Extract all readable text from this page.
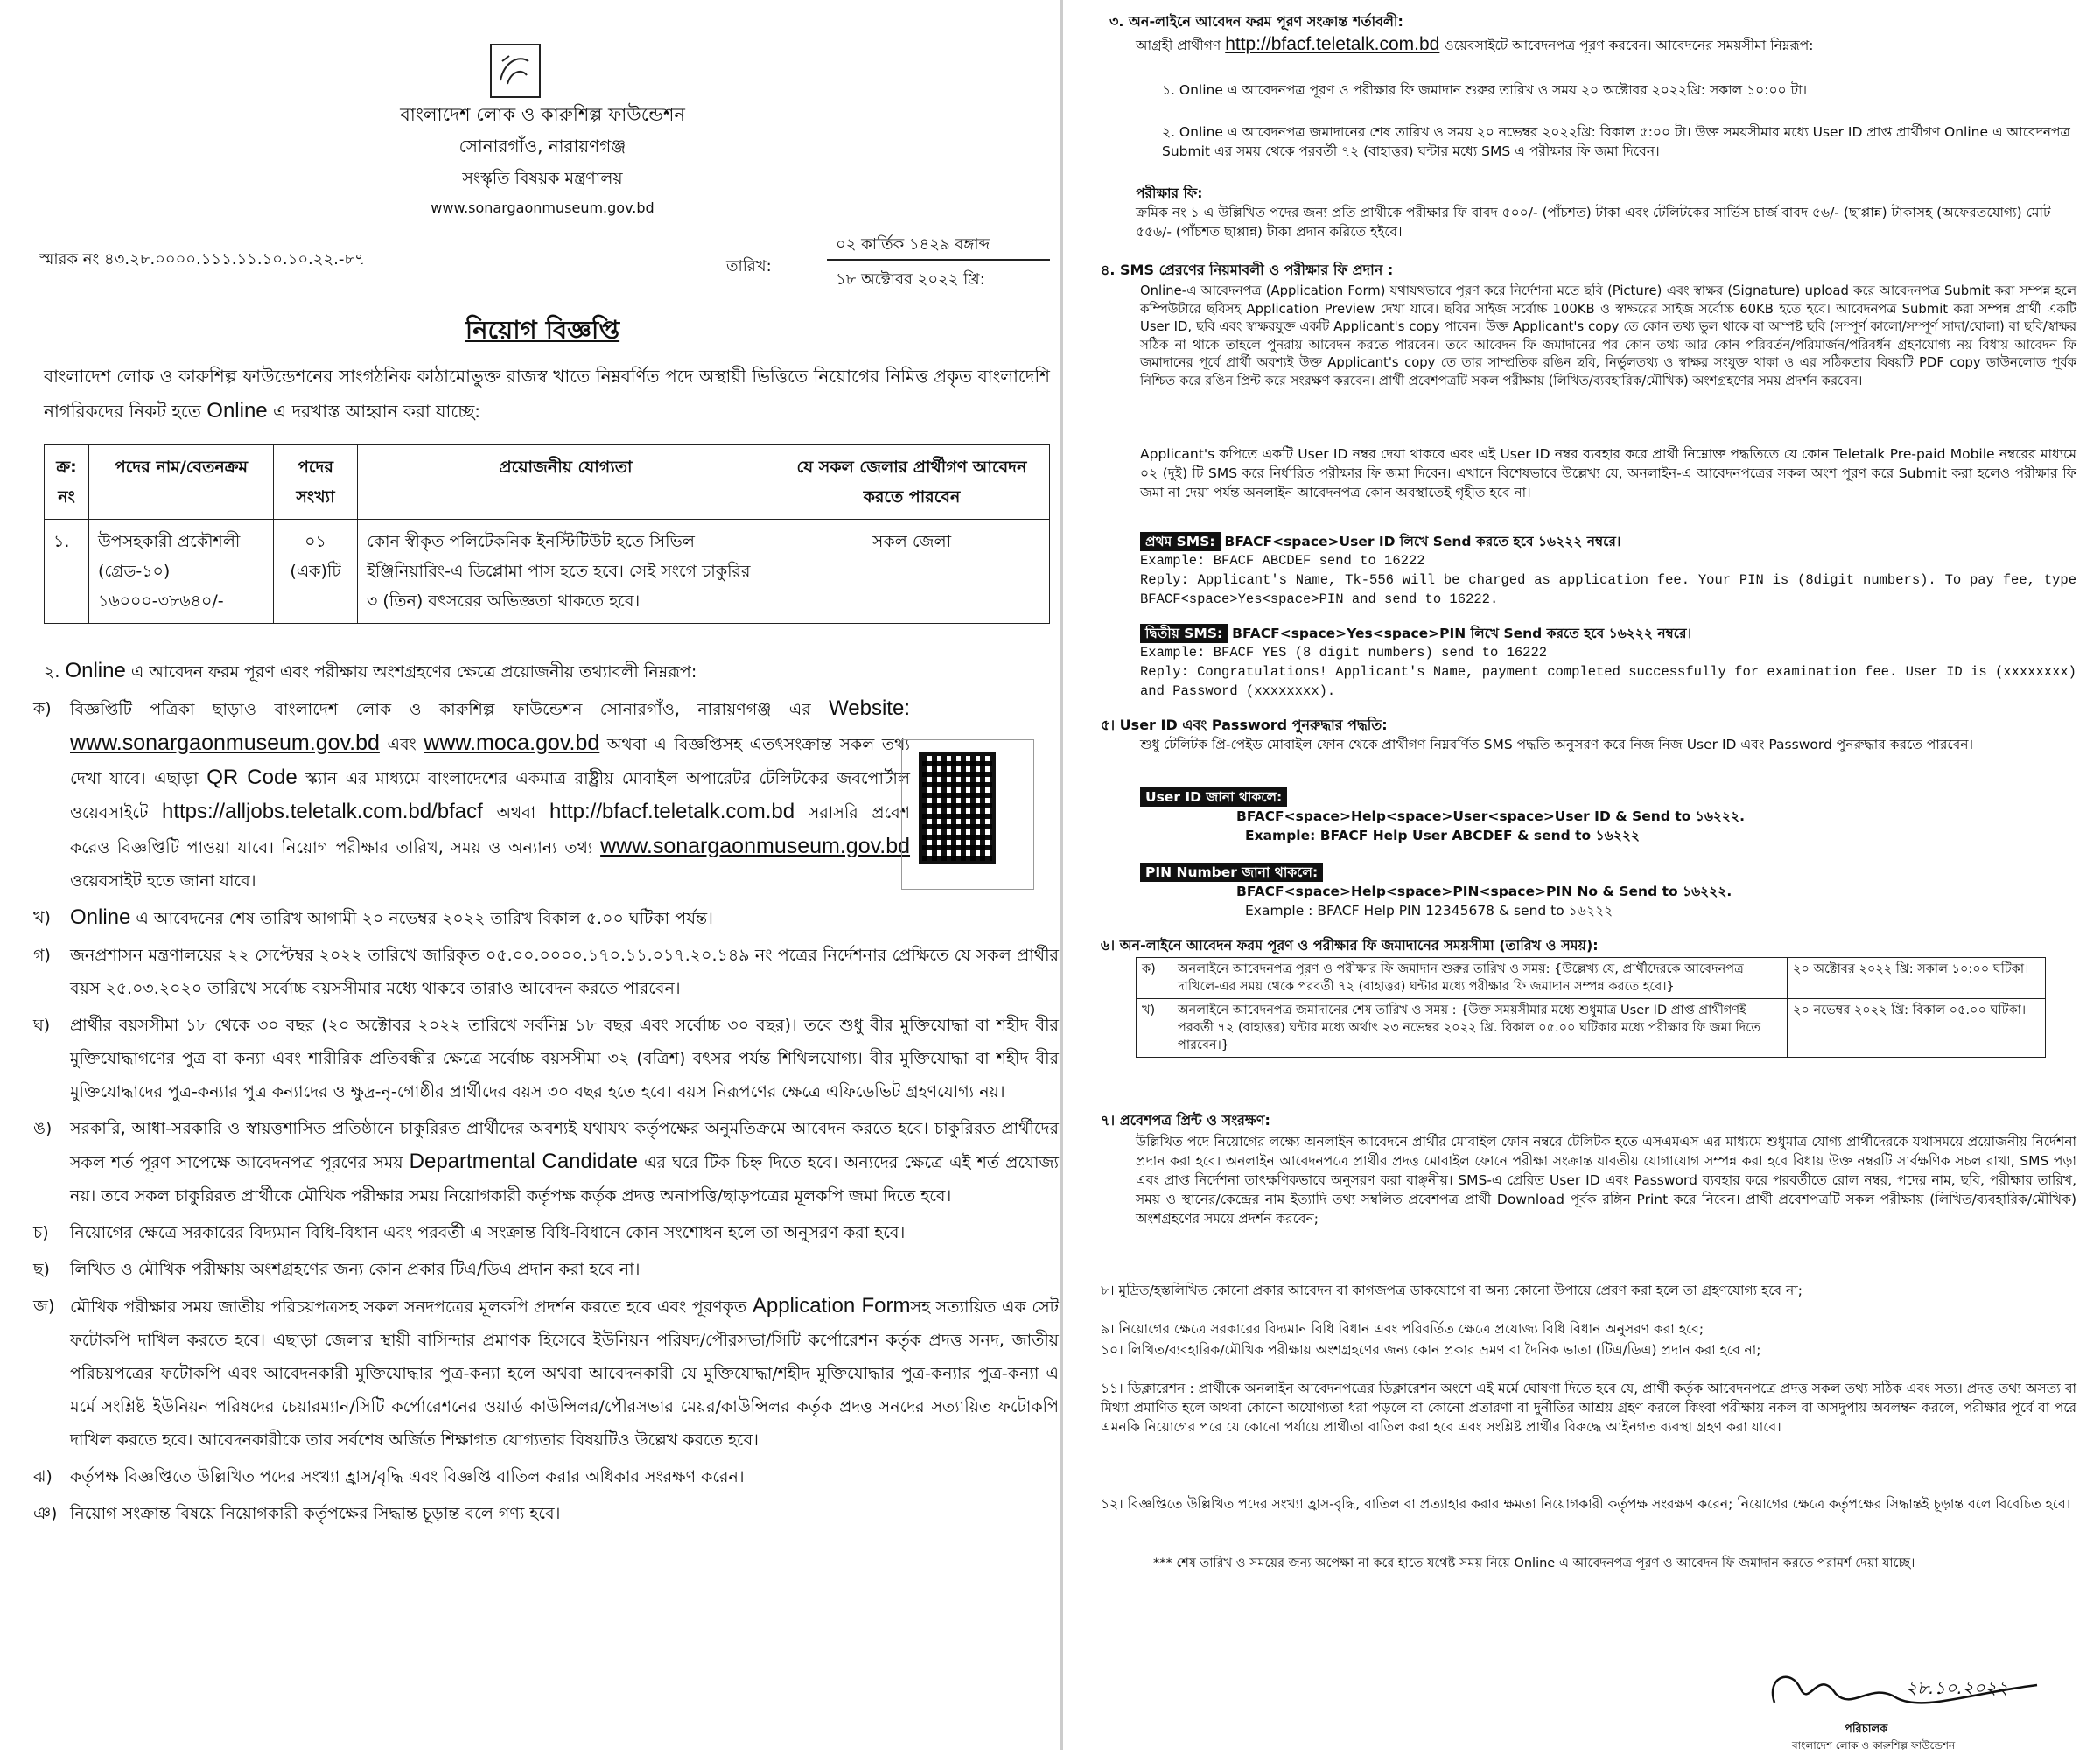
বাংলাদেশ লোক ও কারুশিল্প ফাউন্ডেশন
সোনারগাঁও, নারায়ণগঞ্জ
সংস্কৃতি বিষয়ক মন্ত্রণালয়
www.sonargaonmuseum.gov.bd
স্মারক নং ৪৩.২৮.০০০০.১১১.১১.১০.১০.২২.-৮৭	তারিখ:
০২ কার্তিক ১৪২৯ বঙ্গাব্দ
১৮ অক্টোবর ২০২২ খ্রি:
নিয়োগ বিজ্ঞপ্তি
বাংলাদেশ লোক ও কারুশিল্প ফাউন্ডেশনের সাংগঠনিক কাঠামোভুক্ত রাজস্ব খাতে নিম্নবর্ণিত পদে অস্থায়ী ভিত্তিতে নিয়োগের নিমিত্ত প্রকৃত বাংলাদেশি নাগরিকদের নিকট হতে Online এ দরখাস্ত আহ্বান করা যাচ্ছে:
ক্র: নং	পদের নাম/বেতনক্রম	পদের সংখ্যা	প্রয়োজনীয় যোগ্যতা	যে সকল জেলার প্রার্থীগণ আবেদন করতে পারবেন
১.	উপসহকারী প্রকৌশলী (গ্রেড-১০) ১৬০০০-৩৮৬৪০/-	০১ (এক)টি	কোন স্বীকৃত পলিটেকনিক ইনস্টিটিউট হতে সিভিল ইঞ্জিনিয়ারিং-এ ডিপ্লোমা পাস হতে হবে। সেই সংগে চাকুরির ৩ (তিন) বৎসরের অভিজ্ঞতা থাকতে হবে।	সকল জেলা
২. Online এ আবেদন ফরম পূরণ এবং পরীক্ষায় অংশগ্রহণের ক্ষেত্রে প্রয়োজনীয় তথ্যাবলী নিম্নরূপ:
ক) বিজ্ঞপ্তিটি পত্রিকা ছাড়াও বাংলাদেশ লোক ও কারুশিল্প ফাউন্ডেশন সোনারগাঁও, নারায়ণগঞ্জ এর Website: www.sonargaonmuseum.gov.bd এবং www.moca.gov.bd অথবা এ বিজ্ঞপ্তিসহ এতৎসংক্রান্ত সকল তথ্য দেখা যাবে। এছাড়া QR Code স্ক্যান এর মাধ্যমে বাংলাদেশের একমাত্র রাষ্ট্রীয় মোবাইল অপারেটর টেলিটকের জবপোর্টাল ওয়েবসাইটে https://alljobs.teletalk.com.bd/bfacf অথবা http://bfacf.teletalk.com.bd সরাসরি প্রবেশ করেও বিজ্ঞপ্তিটি পাওয়া যাবে। নিয়োগ পরীক্ষার তারিখ, সময় ও অন্যান্য তথ্য www.sonargaonmuseum.gov.bd ওয়েবসাইট হতে জানা যাবে।
খ) Online এ আবেদনের শেষ তারিখ আগামী ২০ নভেম্বর ২০২২ তারিখ বিকাল ৫.০০ ঘটিকা পর্যন্ত।
গ) জনপ্রশাসন মন্ত্রণালয়ের ২২ সেপ্টেম্বর ২০২২ তারিখে জারিকৃত ০৫.০০.০০০০.১৭০.১১.০১৭.২০.১৪৯ নং পত্রের নির্দেশনার প্রেক্ষিতে যে সকল প্রার্থীর বয়স ২৫.০৩.২০২০ তারিখে সর্বোচ্চ বয়সসীমার মধ্যে থাকবে তারাও আবেদন করতে পারবেন।
ঘ) প্রার্থীর বয়সসীমা ১৮ থেকে ৩০ বছর (২০ অক্টোবর ২০২২ তারিখে সর্বনিম্ন ১৮ বছর এবং সর্বোচ্চ ৩০ বছর)। তবে শুধু বীর মুক্তিযোদ্ধা বা শহীদ বীর মুক্তিযোদ্ধাগণের পুত্র বা কন্যা এবং শারীরিক প্রতিবন্ধীর ক্ষেত্রে সর্বোচ্চ বয়সসীমা ৩২ (বত্রিশ) বৎসর পর্যন্ত শিথিলযোগ্য। বীর মুক্তিযোদ্ধা বা শহীদ বীর মুক্তিযোদ্ধাদের পুত্র-কন্যার পুত্র কন্যাদের ও ক্ষুদ্র-নৃ-গোষ্ঠীর প্রার্থীদের বয়স ৩০ বছর হতে হবে। বয়স নিরূপণের ক্ষেত্রে এফিডেভিট গ্রহণযোগ্য নয়।
ঙ) সরকারি, আধা-সরকারি ও স্বায়ত্তশাসিত প্রতিষ্ঠানে চাকুরিরত প্রার্থীদের অবশ্যই যথাযথ কর্তৃপক্ষের অনুমতিক্রমে আবেদন করতে হবে। চাকুরিরত প্রার্থীদের সকল শর্ত পূরণ সাপেক্ষে আবেদনপত্র পূরণের সময় Departmental Candidate এর ঘরে টিক চিহ্ন দিতে হবে। অন্যদের ক্ষেত্রে এই শর্ত প্রযোজ্য নয়। তবে সকল চাকুরিরত প্রার্থীকে মৌখিক পরীক্ষার সময় নিয়োগকারী কর্তৃপক্ষ কর্তৃক প্রদত্ত অনাপত্তি/ছাড়পত্রের মূলকপি জমা দিতে হবে।
চ) নিয়োগের ক্ষেত্রে সরকারের বিদ্যমান বিধি-বিধান এবং পরবর্তী এ সংক্রান্ত বিধি-বিধানে কোন সংশোধন হলে তা অনুসরণ করা হবে।
ছ) লিখিত ও মৌখিক পরীক্ষায় অংশগ্রহণের জন্য কোন প্রকার টিএ/ডিএ প্রদান করা হবে না।
জ) মৌখিক পরীক্ষার সময় জাতীয় পরিচয়পত্রসহ সকল সনদপত্রের মূলকপি প্রদর্শন করতে হবে এবং পূরণকৃত Application Formসহ সত্যায়িত এক সেট ফটোকপি দাখিল করতে হবে। এছাড়া জেলার স্থায়ী বাসিন্দার প্রমাণক হিসেবে ইউনিয়ন পরিষদ/পৌরসভা/সিটি কর্পোরেশন কর্তৃক প্রদত্ত সনদ, জাতীয় পরিচয়পত্রের ফটোকপি এবং আবেদনকারী মুক্তিযোদ্ধার পুত্র-কন্যা হলে অথবা আবেদনকারী যে মুক্তিযোদ্ধা/শহীদ মুক্তিযোদ্ধার পুত্র-কন্যার পুত্র-কন্যা এ মর্মে সংশ্লিষ্ট ইউনিয়ন পরিষদের চেয়ারম্যান/সিটি কর্পোরেশনের ওয়ার্ড কাউন্সিলর/পৌরসভার মেয়র/কাউন্সিলর কর্তৃক প্রদত্ত সনদের সত্যায়িত ফটোকপি দাখিল করতে হবে। আবেদনকারীকে তার সর্বশেষ অর্জিত শিক্ষাগত যোগ্যতার বিষয়টিও উল্লেখ করতে হবে।
ঝ) কর্তৃপক্ষ বিজ্ঞপ্তিতে উল্লিখিত পদের সংখ্যা হ্রাস/বৃদ্ধি এবং বিজ্ঞপ্তি বাতিল করার অধিকার সংরক্ষণ করেন।
ঞ) নিয়োগ সংক্রান্ত বিষয়ে নিয়োগকারী কর্তৃপক্ষের সিদ্ধান্ত চূড়ান্ত বলে গণ্য হবে।
৩. অন-লাইনে আবেদন ফরম পূরণ সংক্রান্ত শর্তাবলী:
আগ্রহী প্রার্থীগণ http://bfacf.teletalk.com.bd ওয়েবসাইটে আবেদনপত্র পূরণ করবেন। আবেদনের সময়সীমা নিম্নরূপ:
১. Online এ আবেদনপত্র পূরণ ও পরীক্ষার ফি জমাদান শুরুর তারিখ ও সময় ২০ অক্টোবর ২০২২খ্রি: সকাল ১০:০০ টা।
২. Online এ আবেদনপত্র জমাদানের শেষ তারিখ ও সময় ২০ নভেম্বর ২০২২খ্রি: বিকাল ৫:০০ টা। উক্ত সময়সীমার মধ্যে User ID প্রাপ্ত প্রার্থীগণ Online এ আবেদনপত্র Submit এর সময় থেকে পরবর্তী ৭২ (বাহাত্তর) ঘন্টার মধ্যে SMS এ পরীক্ষার ফি জমা দিবেন।
পরীক্ষার ফি:
ক্রমিক নং ১ এ উল্লিখিত পদের জন্য প্রতি প্রার্থীকে পরীক্ষার ফি বাবদ ৫০০/- (পাঁচশত) টাকা এবং টেলিটকের সার্ভিস চার্জ বাবদ ৫৬/- (ছাপ্পান্ন) টাকাসহ (অফেরতযোগ্য) মোট ৫৫৬/- (পাঁচশত ছাপ্পান্ন) টাকা প্রদান করিতে হইবে।
৪. SMS প্রেরণের নিয়মাবলী ও পরীক্ষার ফি প্রদান :
Online-এ আবেদনপত্র (Application Form) যথাযথভাবে পূরণ করে নির্দেশনা মতে ছবি (Picture) এবং স্বাক্ষর (Signature) upload করে আবেদনপত্র Submit করা সম্পন্ন হলে কম্পিউটারে ছবিসহ Application Preview দেখা যাবে। ছবির সাইজ সর্বোচ্চ 100KB ও স্বাক্ষরের সাইজ সর্বোচ্চ 60KB হতে হবে। আবেদনপত্র Submit করা সম্পন্ন প্রার্থী একটি User ID, ছবি এবং স্বাক্ষরযুক্ত একটি Applicant's copy পাবেন। উক্ত Applicant's copy তে কোন তথ্য ভুল থাকে বা অস্পষ্ট ছবি (সম্পূর্ণ কালো/সম্পূর্ণ সাদা/ঘোলা) বা ছবি/স্বাক্ষর সঠিক না থাকে তাহলে পুনরায় আবেদন করতে পারবেন। তবে আবেদন ফি জমাদানের পর কোন তথ্য আর কোন পরিবর্তন/পরিমার্জন/পরিবর্ধন গ্রহণযোগ্য নয় বিধায় আবেদন ফি জমাদানের পূর্বে প্রার্থী অবশ্যই উক্ত Applicant's copy তে তার সাম্প্রতিক রঙিন ছবি, নির্ভুলতথ্য ও স্বাক্ষর সংযুক্ত থাকা ও এর সঠিকতার বিষয়টি PDF copy ডাউনলোড পূর্বক নিশ্চিত করে রঙিন প্রিন্ট করে সংরক্ষণ করবেন। প্রার্থী প্রবেশপত্রটি সকল পরীক্ষায় (লিখিত/ব্যবহারিক/মৌখিক) অংশগ্রহণের সময় প্রদর্শন করবেন।
Applicant's কপিতে একটি User ID নম্বর দেয়া থাকবে এবং এই User ID নম্বর ব্যবহার করে প্রার্থী নিম্নোক্ত পদ্ধতিতে যে কোন Teletalk Pre-paid Mobile নম্বরের মাধ্যমে ০২ (দুই) টি SMS করে নির্ধারিত পরীক্ষার ফি জমা দিবেন। এখানে বিশেষভাবে উল্লেখ্য যে, অনলাইন-এ আবেদনপত্রের সকল অংশ পূরণ করে Submit করা হলেও পরীক্ষার ফি জমা না দেয়া পর্যন্ত অনলাইন আবেদনপত্র কোন অবস্থাতেই গৃহীত হবে না।
প্রথম SMS: BFACF<space>User ID লিখে Send করতে হবে ১৬২২২ নম্বরে।
Example: BFACF ABCDEF send to 16222
Reply: Applicant's Name, Tk-556 will be charged as application fee. Your PIN is (8digit numbers). To pay fee, type BFACF<space>Yes<space>PIN and send to 16222.
দ্বিতীয় SMS: BFACF<space>Yes<space>PIN লিখে Send করতে হবে ১৬২২২ নম্বরে।
Example: BFACF YES (8 digit numbers) send to 16222
Reply: Congratulations! Applicant's Name, payment completed successfully for examination fee. User ID is (xxxxxxxx) and Password (xxxxxxxx).
৫। User ID এবং Password পুনরুদ্ধার পদ্ধতি:
শুধু টেলিটক প্রি-পেইড মোবাইল ফোন থেকে প্রার্থীগণ নিম্নবর্ণিত SMS পদ্ধতি অনুসরণ করে নিজ নিজ User ID এবং Password পুনরুদ্ধার করতে পারবেন।
User ID জানা থাকলে:
BFACF<space>Help<space>User<space>User ID & Send to ১৬২২২.
Example: BFACF Help User ABCDEF & send to ১৬২২২
PIN Number জানা থাকলে:
BFACF<space>Help<space>PIN<space>PIN No & Send to ১৬২২২.
Example : BFACF Help PIN 12345678 & send to ১৬২২২
৬। অন-লাইনে আবেদন ফরম পূরণ ও পরীক্ষার ফি জমাদানের সময়সীমা (তারিখ ও সময়):
ক)	অনলাইনে আবেদনপত্র পূরণ ও পরীক্ষার ফি জমাদান শুরুর তারিখ ও সময়: {উল্লেখ্য যে, প্রার্থীদেরকে আবেদনপত্র দাখিলে-এর সময় থেকে পরবর্তী ৭২ (বাহাত্তর) ঘন্টার মধ্যে পরীক্ষার ফি জমাদান সম্পন্ন করতে হবে।}	২০ অক্টোবর ২০২২ খ্রি: সকাল ১০:০০ ঘটিকা।
খ)	অনলাইনে আবেদনপত্র জমাদানের শেষ তারিখ ও সময় : {উক্ত সময়সীমার মধ্যে শুধুমাত্র User ID প্রাপ্ত প্রার্থীগণই পরবর্তী ৭২ (বাহাত্তর) ঘন্টার মধ্যে অর্থাৎ ২৩ নভেম্বর ২০২২ খ্রি. বিকাল ০৫.০০ ঘটিকার মধ্যে পরীক্ষার ফি জমা দিতে পারবেন।}	২০ নভেম্বর ২০২২ খ্রি: বিকাল ০৫.০০ ঘটিকা।
৭। প্রবেশপত্র প্রিন্ট ও সংরক্ষণ:
উল্লিখিত পদে নিয়োগের লক্ষ্যে অনলাইন আবেদনে প্রার্থীর মোবাইল ফোন নম্বরে টেলিটক হতে এসএমএস এর মাধ্যমে শুধুমাত্র যোগ্য প্রার্থীদেরকে যথাসময়ে প্রয়োজনীয় নির্দেশনা প্রদান করা হবে। অনলাইন আবেদনপত্রে প্রার্থীর প্রদত্ত মোবাইল ফোনে পরীক্ষা সংক্রান্ত যাবতীয় যোগাযোগ সম্পন্ন করা হবে বিধায় উক্ত নম্বরটি সার্বক্ষণিক সচল রাখা, SMS পড়া এবং প্রাপ্ত নির্দেশনা তাৎক্ষণিকভাবে অনুসরণ করা বাঞ্ছনীয়। SMS-এ প্রেরিত User ID এবং Password ব্যবহার করে পরবর্তীতে রোল নম্বর, পদের নাম, ছবি, পরীক্ষার তারিখ, সময় ও স্থানের/কেন্দ্রের নাম ইত্যাদি তথ্য সম্বলিত প্রবেশপত্র প্রার্থী Download পূর্বক রঙ্গিন Print করে নিবেন। প্রার্থী প্রবেশপত্রটি সকল পরীক্ষায় (লিখিত/ব্যবহারিক/মৌখিক) অংশগ্রহণের সময়ে প্রদর্শন করবেন;
৮। মুদ্রিত/হস্তলিখিত কোনো প্রকার আবেদন বা কাগজপত্র ডাকযোগে বা অন্য কোনো উপায়ে প্রেরণ করা হলে তা গ্রহণযোগ্য হবে না;
৯। নিয়োগের ক্ষেত্রে সরকারের বিদ্যমান বিধি বিধান এবং পরিবর্তিত ক্ষেত্রে প্রযোজ্য বিধি বিধান অনুসরণ করা হবে;
১০। লিখিত/ব্যবহারিক/মৌখিক পরীক্ষায় অংশগ্রহণের জন্য কোন প্রকার ভ্রমণ বা দৈনিক ভাতা (টিএ/ডিএ) প্রদান করা হবে না;
১১। ডিক্লারেশন : প্রার্থীকে অনলাইন আবেদনপত্রের ডিক্লারেশন অংশে এই মর্মে ঘোষণা দিতে হবে যে, প্রার্থী কর্তৃক আবেদনপত্রে প্রদত্ত সকল তথ্য সঠিক এবং সত্য। প্রদত্ত তথ্য অসত্য বা মিথ্যা প্রমাণিত হলে অথবা কোনো অযোগ্যতা ধরা পড়লে বা কোনো প্রতারণা বা দুর্নীতির আশ্রয় গ্রহণ করলে কিংবা পরীক্ষায় নকল বা অসদুপায় অবলম্বন করলে, পরীক্ষার পূর্বে বা পরে এমনকি নিয়োগের পরে যে কোনো পর্যায়ে প্রার্থীতা বাতিল করা হবে এবং সংশ্লিষ্ট প্রার্থীর বিরুদ্ধে আইনগত ব্যবস্থা গ্রহণ করা যাবে।
১২। বিজ্ঞপ্তিতে উল্লিখিত পদের সংখ্যা হ্রাস-বৃদ্ধি, বাতিল বা প্রত্যাহার করার ক্ষমতা নিয়োগকারী কর্তৃপক্ষ সংরক্ষণ করেন; নিয়োগের ক্ষেত্রে কর্তৃপক্ষের সিদ্ধান্তই চূড়ান্ত বলে বিবেচিত হবে।
*** শেষ তারিখ ও সময়ের জন্য অপেক্ষা না করে হাতে যথেষ্ট সময় নিয়ে Online এ আবেদনপত্র পূরণ ও আবেদন ফি জমাদান করতে পরামর্শ দেয়া যাচ্ছে।
২৮.১০.২০২২
পরিচালক
বাংলাদেশ লোক ও কারুশিল্প ফাউন্ডেশন
